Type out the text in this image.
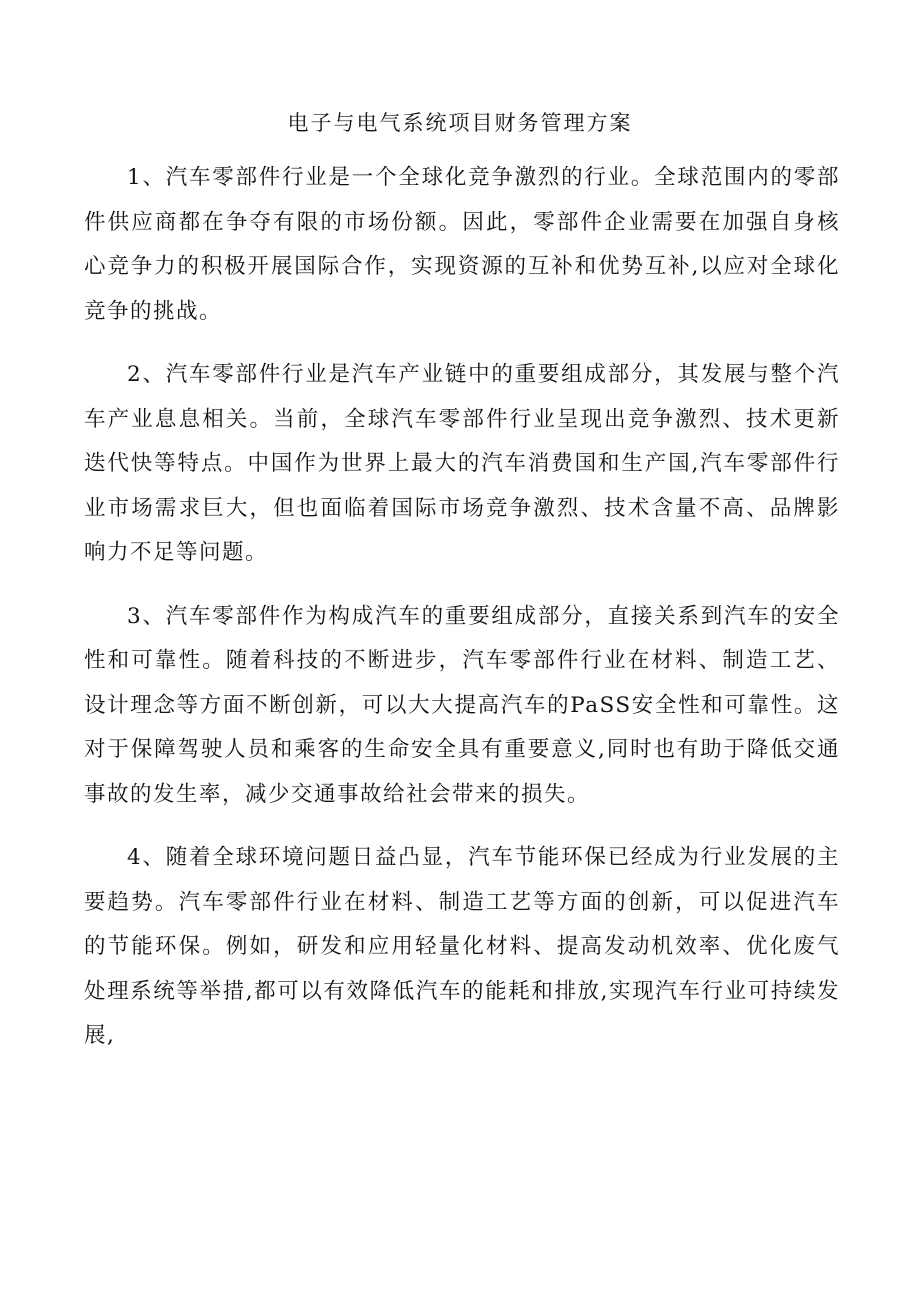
电子与电气系统项目财务管理方案

1、汽车零部件行业是一个全球化竞争激烈的行业。全球范围内的零部件供应商都在争夺有限的市场份额。因此，零部件企业需要在加强自身核心竞争力的积极开展国际合作，实现资源的互补和优势互补,以应对全球化竞争的挑战。

2、汽车零部件行业是汽车产业链中的重要组成部分，其发展与整个汽车产业息息相关。当前，全球汽车零部件行业呈现出竞争激烈、技术更新迭代快等特点。中国作为世界上最大的汽车消费国和生产国,汽车零部件行业市场需求巨大，但也面临着国际市场竞争激烈、技术含量不高、品牌影响力不足等问题。

3、汽车零部件作为构成汽车的重要组成部分，直接关系到汽车的安全性和可靠性。随着科技的不断进步，汽车零部件行业在材料、制造工艺、设计理念等方面不断创新，可以大大提高汽车的PaSS安全性和可靠性。这对于保障驾驶人员和乘客的生命安全具有重要意义,同时也有助于降低交通事故的发生率，减少交通事故给社会带来的损失。

4、随着全球环境问题日益凸显，汽车节能环保已经成为行业发展的主要趋势。汽车零部件行业在材料、制造工艺等方面的创新，可以促进汽车的节能环保。例如，研发和应用轻量化材料、提高发动机效率、优化废气处理系统等举措,都可以有效降低汽车的能耗和排放,实现汽车行业可持续发展,
